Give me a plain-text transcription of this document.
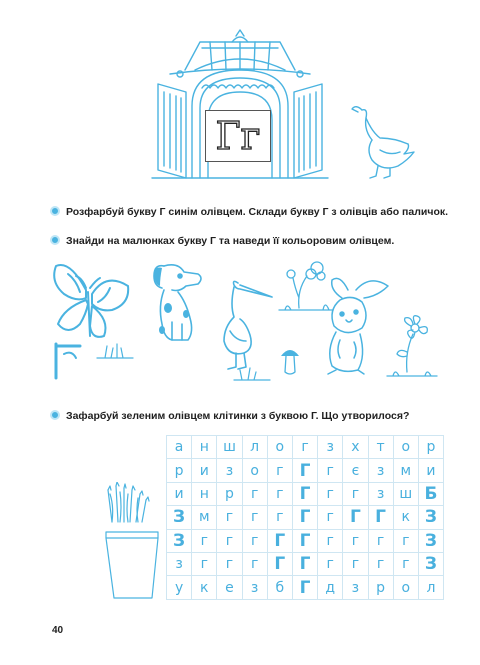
Гг
Розфарбуй букву Г синім олівцем. Склади букву Г з олівців або паличок.
Знайди на малюнках букву Г та наведи її кольоровим олівцем.
Зафарбуй зеленим олівцем клітинки з буквою Г. Що утворилося?
а	н	ш	л	о	г	з	х	т	о	р
р	и	з	о	г	Г	г	є	з	м	и
и	н	р	г	г	Г	г	г	з	ш	Б
З	м	г	г	г	Г	г	Г	Г	к	З
З	г	г	г	Г	Г	г	г	г	г	З
з	г	г	г	Г	Г	г	г	г	г	З
у	к	е	з	б	Г	д	з	р	о	л
40
